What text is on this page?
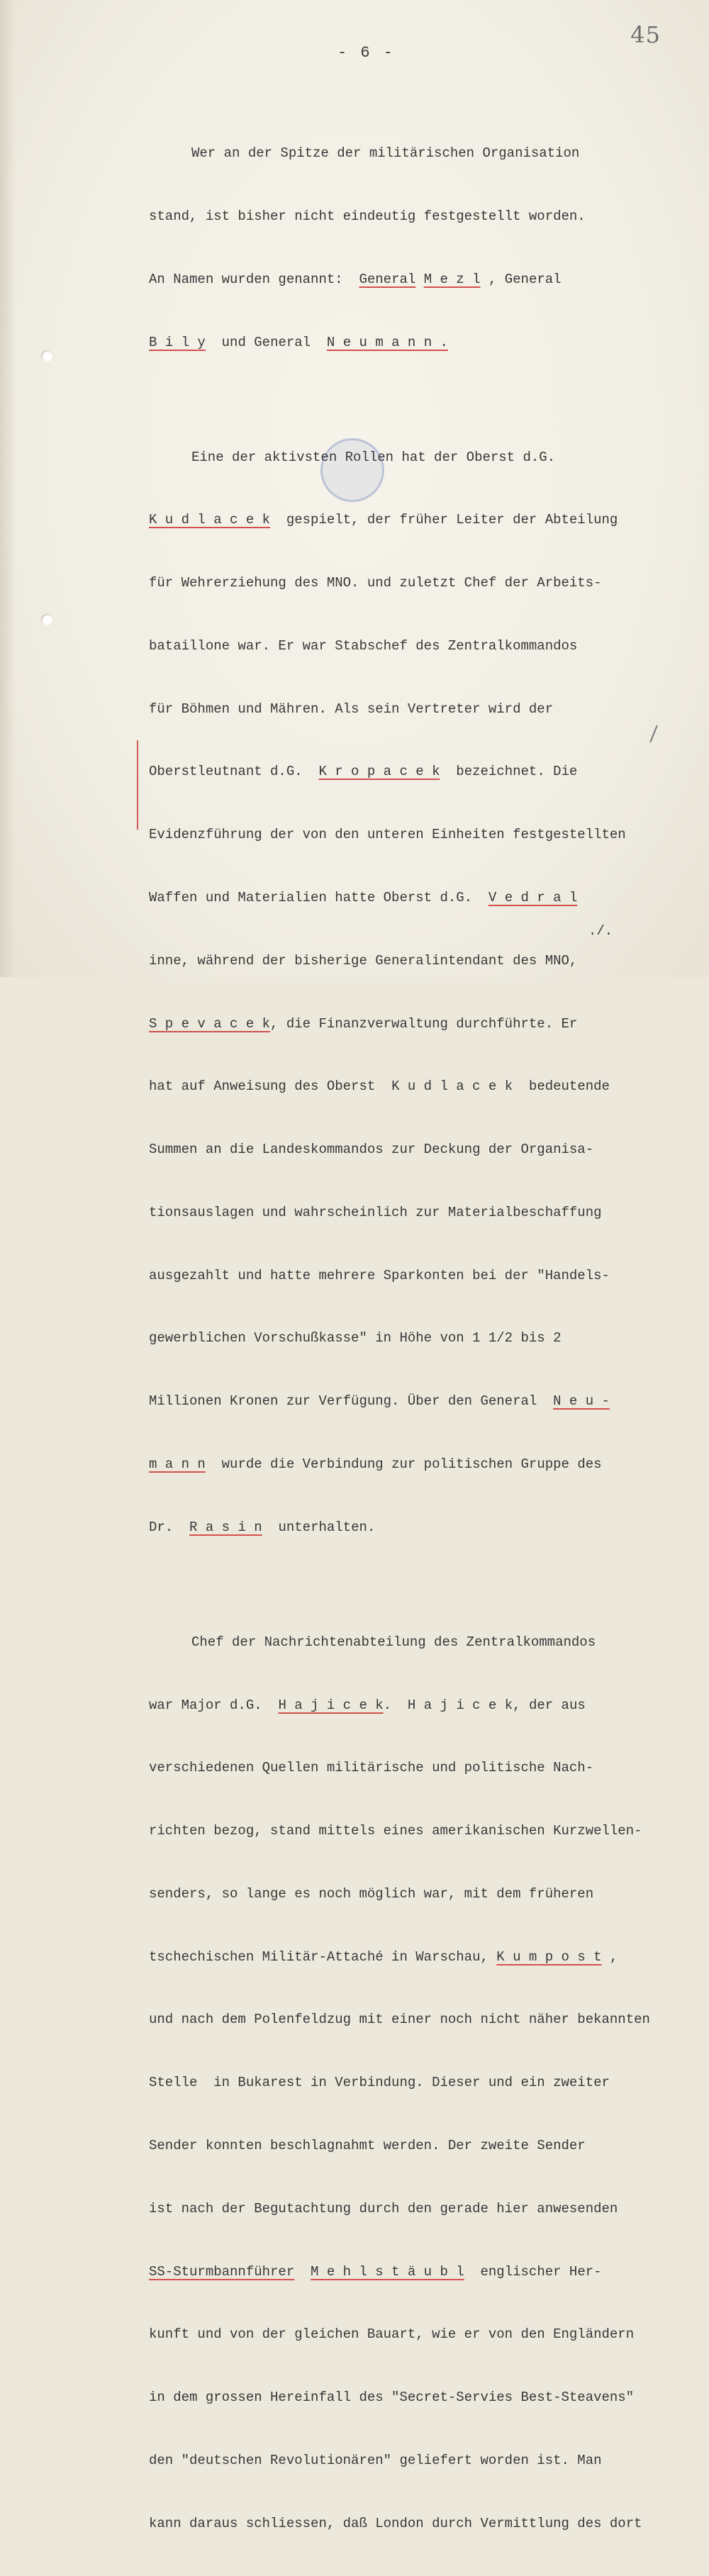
45
- 6 -

Wer an der Spitze der militärischen Organisation

stand, ist bisher nicht eindeutig festgestellt worden.

An Namen wurden genannt: General M e z l , General

B i l y und General N e u m a n n .

Eine der aktivsten Rollen hat der Oberst d.G.

K u d l a c e k gespielt, der früher Leiter der Abteilung

für Wehrerziehung des MNO. und zuletzt Chef der Arbeits-

bataillone war. Er war Stabschef des Zentralkommandos

für Böhmen und Mähren. Als sein Vertreter wird der

Oberstleutnant d.G. K r o p a c e k bezeichnet. Die

Evidenzführung der von den unteren Einheiten festgestellten

Waffen und Materialien hatte Oberst d.G. V e d r a l

inne, während der bisherige Generalintendant des MNO,

S p e v a c e k, die Finanzverwaltung durchführte. Er

hat auf Anweisung des Oberst K u d l a c e k bedeutende

Summen an die Landeskommandos zur Deckung der Organisa-

tionsauslagen und wahrscheinlich zur Materialbeschaffung

ausgezahlt und hatte mehrere Sparkonten bei der "Handels-

gewerblichen Vorschußkasse" in Höhe von 1 1/2 bis 2

Millionen Kronen zur Verfügung. Über den General N e u -

m a n n wurde die Verbindung zur politischen Gruppe des

Dr. R a s i n unterhalten.

Chef der Nachrichtenabteilung des Zentralkommandos

war Major d.G. H a j i c e k. H a j i c e k, der aus

verschiedenen Quellen militärische und politische Nach-

richten bezog, stand mittels eines amerikanischen Kurzwellen-

senders, so lange es noch möglich war, mit dem früheren

tschechischen Militär-Attaché in Warschau, K u m p o s t ,

und nach dem Polenfeldzug mit einer noch nicht näher bekannten

Stelle  in Bukarest in Verbindung. Dieser und ein zweiter

Sender konnten beschlagnahmt werden. Der zweite Sender

ist nach der Begutachtung durch den gerade hier anwesenden

SS-Sturmbannführer M e h l s t ä u b l englischer Her-

kunft und von der gleichen Bauart, wie er von den Engländern

in dem grossen Hereinfall des "Secret-Servies Best-Steavens"

den "deutschen Revolutionären" geliefert worden ist. Man

kann daraus schliessen, daß London durch Vermittlung des dort

./.
